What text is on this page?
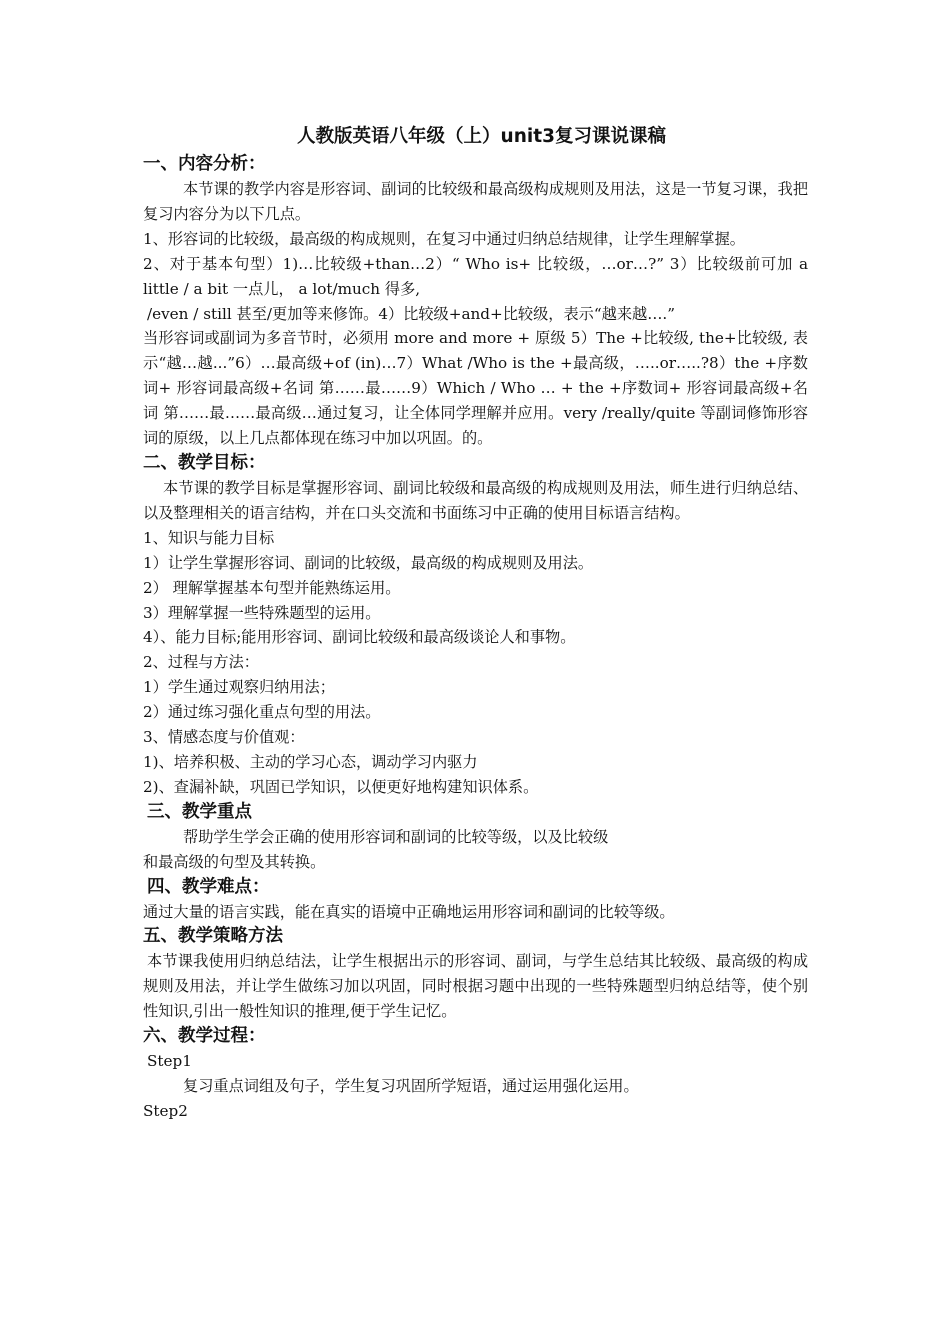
人教版英语八年级（上）unit3复习课说课稿
一、内容分析：

本节课的教学内容是形容词、副词的比较级和最高级构成规则及用法，这是一节复习课，我把复习内容分为以下几点。

1、形容词的比较级，最高级的构成规则，在复习中通过归纳总结规律，让学生理解掌握。

2、对于基本句型）1)…比较级+than…2）“ Who is+ 比较级，…or…?” 3）比较级前可加 a little / a bit 一点儿， a lot/much 得多,

/even / still 甚至/更加等来修饰。4）比较级+and+比较级，表示“越来越….”

当形容词或副词为多音节时，必须用 more and more + 原级 5）The +比较级, the+比较级, 表示“越…越...”6）…最高级+of (in)…7）What /Who is the +最高级，…..or…..?8）the +序数词+ 形容词最高级+名词 第……最……9）Which / Who … + the +序数词+ 形容词最高级+名词 第……最……最高级…通过复习，让全体同学理解并应用。very /really/quite 等副词修饰形容词的原级，以上几点都体现在练习中加以巩固。的。

二、教学目标：

本节课的教学目标是掌握形容词、副词比较级和最高级的构成规则及用法，师生进行归纳总结、以及整理相关的语言结构，并在口头交流和书面练习中正确的使用目标语言结构。

1、知识与能力目标

1）让学生掌握形容词、副词的比较级，最高级的构成规则及用法。

2） 理解掌握基本句型并能熟练运用。

3）理解掌握一些特殊题型的运用。

4）、能力目标;能用形容词、副词比较级和最高级谈论人和事物。

2、过程与方法：

1）学生通过观察归纳用法；

2）通过练习强化重点句型的用法。

3、情感态度与价值观：

1)、培养积极、主动的学习心态，调动学习内驱力

2)、查漏补缺，巩固已学知识，以便更好地构建知识体系。

三、教学重点

帮助学生学会正确的使用形容词和副词的比较等级，以及比较级

和最高级的句型及其转换。

四、教学难点：

通过大量的语言实践，能在真实的语境中正确地运用形容词和副词的比较等级。

五、教学策略方法

本节课我使用归纳总结法，让学生根据出示的形容词、副词，与学生总结其比较级、最高级的构成规则及用法，并让学生做练习加以巩固，同时根据习题中出现的一些特殊题型归纳总结等，使个别性知识,引出一般性知识的推理,便于学生记忆。

六、教学过程：

Step1

复习重点词组及句子，学生复习巩固所学短语，通过运用强化运用。

Step2
